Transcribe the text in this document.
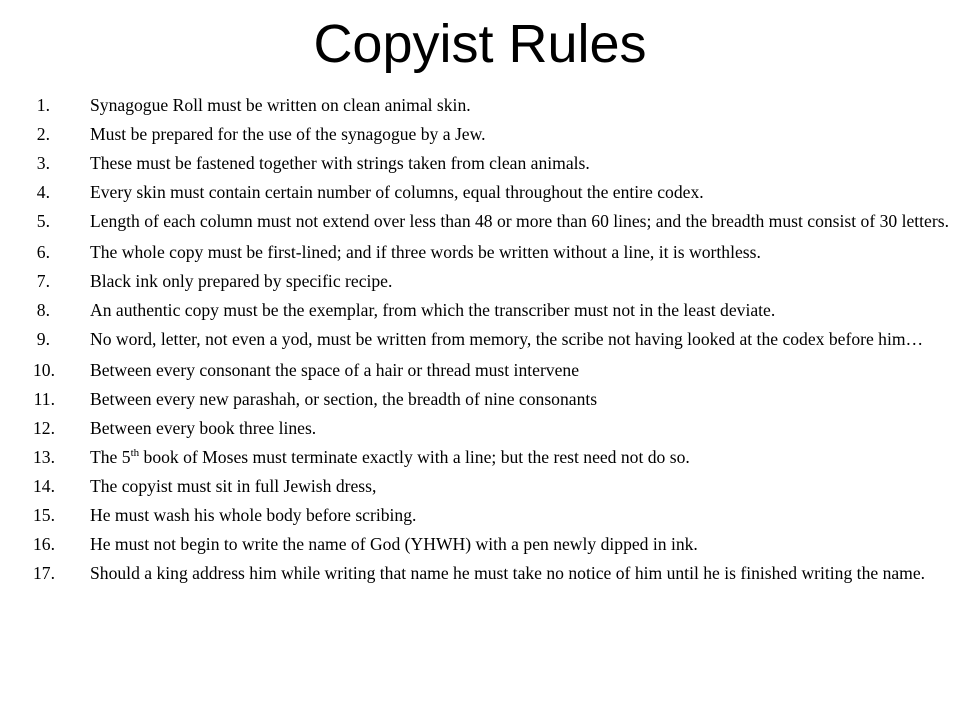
Copyist Rules
1. Synagogue Roll must be written on clean animal skin.
2. Must be prepared for the use of the synagogue by a Jew.
3. These must be fastened together with strings taken from clean animals.
4. Every skin must contain certain number of columns, equal throughout the entire codex.
5. Length of each column must not extend over less than 48 or more than 60 lines; and the breadth must consist of 30 letters.
6. The whole copy must be first-lined; and if three words be written without a line, it is worthless.
7. Black ink only prepared by specific recipe.
8. An authentic copy must be the exemplar, from which the transcriber must not in the least deviate.
9. No word, letter, not even a yod, must be written from memory, the scribe not having looked at the codex before him…
10. Between every consonant the space of a hair or thread must intervene
11. Between every new parashah, or section, the breadth of nine consonants
12. Between every book three lines.
13. The 5th book of Moses must terminate exactly with a line; but the rest need not do so.
14. The copyist must sit in full Jewish dress,
15. He must wash his whole body before scribing.
16. He must not begin to write the name of God (YHWH) with a pen newly dipped in ink.
17. Should a king address him while writing that name he must take no notice of him until he is finished writing the name.
